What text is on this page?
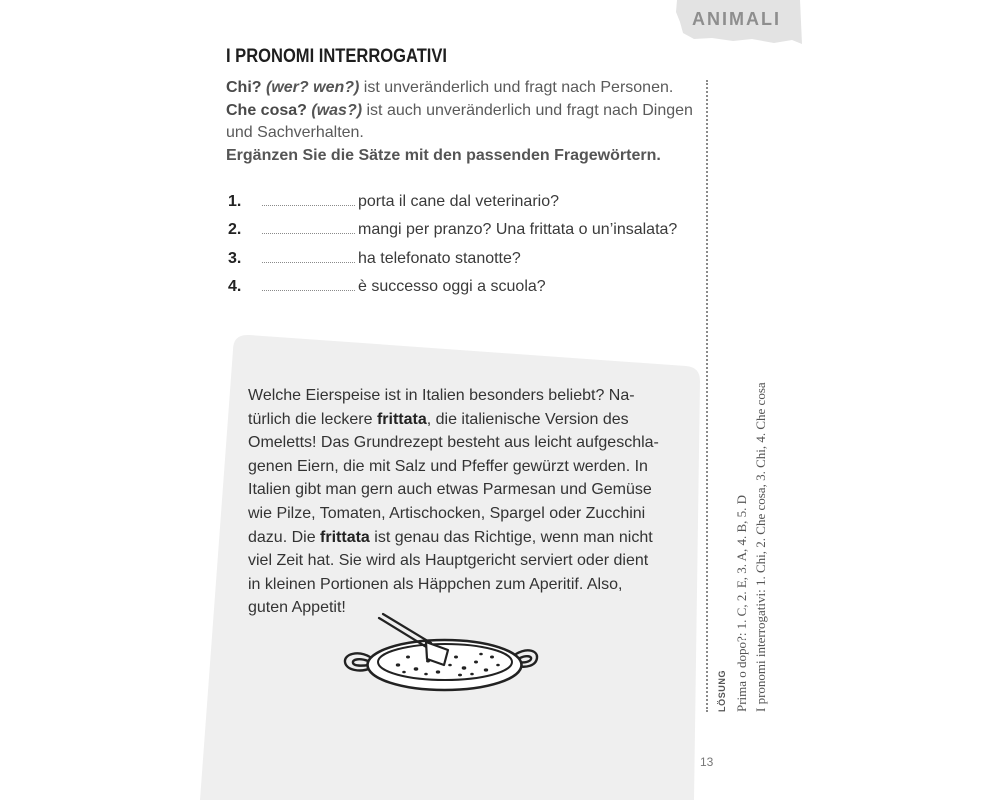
ANIMALI
I PRONOMI INTERROGATIVI
Chi? (wer? wen?) ist unveränderlich und fragt nach Personen.
Che cosa? (was?) ist auch unveränderlich und fragt nach Dingen
und Sachverhalten.
Ergänzen Sie die Sätze mit den passenden Fragewörtern.
1.	porta il cane dal veterinario?
2.	mangi per pranzo? Una frittata o un’insalata?
3.	ha telefonato stanotte?
4.	è successo oggi a scuola?
Welche Eierspeise ist in Italien besonders beliebt? Na-
türlich die leckere frittata, die italienische Version des
Omeletts! Das Grundrezept besteht aus leicht aufgeschla-
genen Eiern, die mit Salz und Pfeffer gewürzt werden. In
Italien gibt man gern auch etwas Parmesan und Gemüse
wie Pilze, Tomaten, Artischocken, Spargel oder Zucchini
dazu. Die frittata ist genau das Richtige, wenn man nicht
viel Zeit hat. Sie wird als Hauptgericht serviert oder dient
in kleinen Portionen als Häppchen zum Aperitif. Also,
guten Appetit!
13
LÖSUNG Prima o dopo?: 1. C, 2. E, 3. A, 4. B, 5. D I pronomi interrogativi: 1. Chi, 2. Che cosa, 3. Chi, 4. Che cosa
